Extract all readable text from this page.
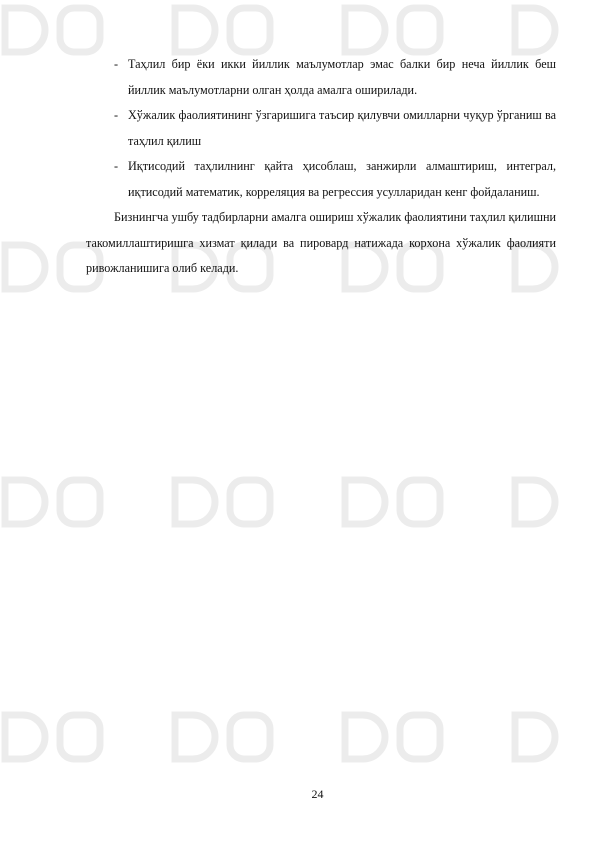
- Таҳлил бир ёки икки йиллик маълумотлар эмас балки бир неча йиллик беш йиллик маълумотларни олган ҳолда амалга оширилади.
- Хўжалик фаолиятининг ўзгаришига таъсир қилувчи омилларни чуқур ўрганиш ва таҳлил қилиш
- Иқтисодий таҳлилнинг қайта ҳисоблаш, занжирли алмаштириш, интеграл, иқтисодий математик, корреляция ва регрессия усулларидан кенг фойдаланиш.

Бизнингча ушбу тадбирларни амалга ошириш хўжалик фаолиятини таҳлил қилишни такомиллаштиришга хизмат қилади ва пировард натижада корхона хўжалик фаолияти ривожланишига олиб келади.

24
